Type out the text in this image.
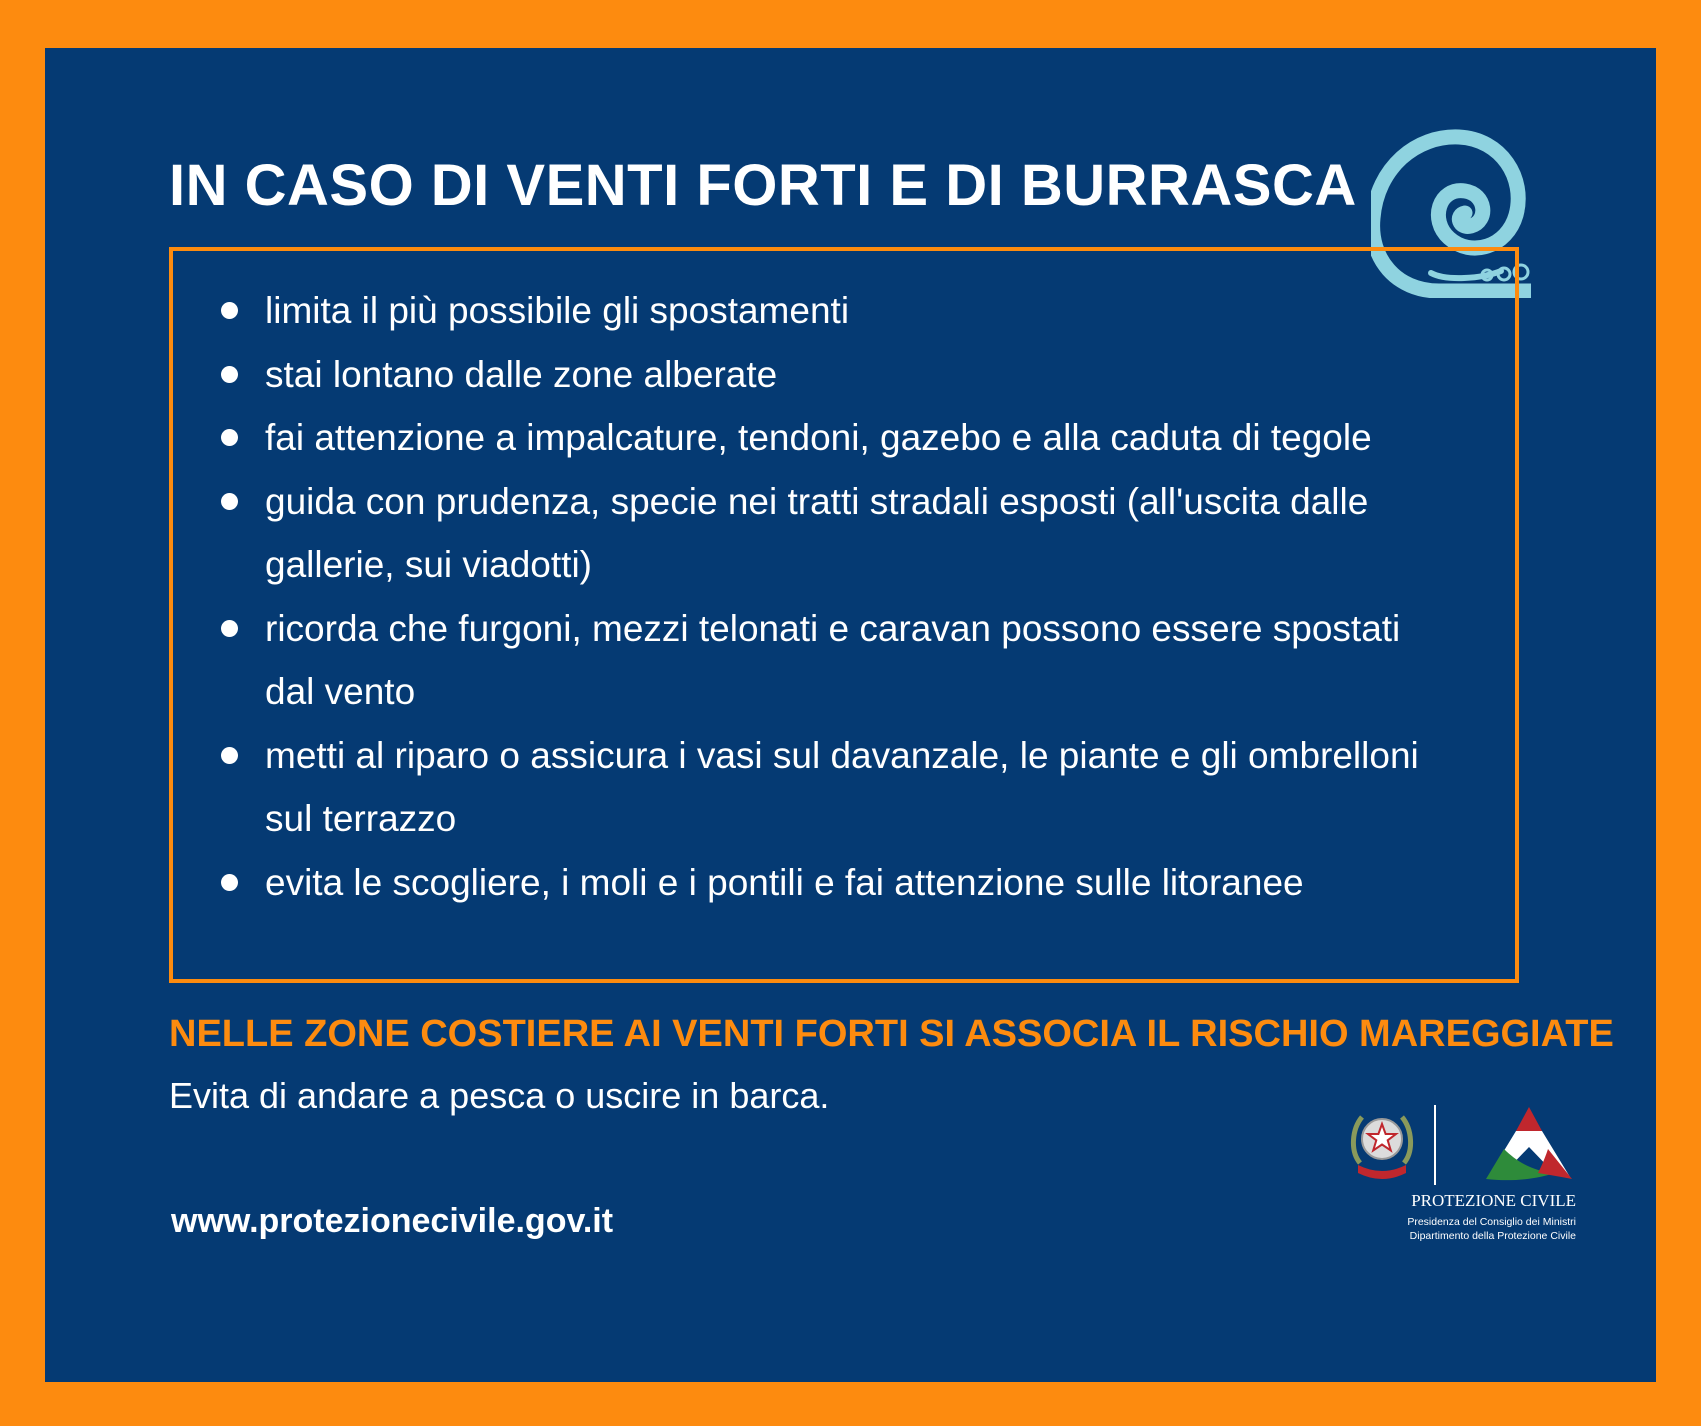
IN CASO DI VENTI FORTI E DI BURRASCA
limita il più possibile gli spostamenti
stai lontano dalle zone alberate
fai attenzione a impalcature, tendoni, gazebo e alla caduta di tegole
guida con prudenza, specie nei tratti stradali esposti (all'uscita dalle gallerie, sui viadotti)
ricorda che furgoni, mezzi telonati e caravan possono essere spostati dal vento
metti al riparo o assicura i vasi sul davanzale, le piante e gli ombrelloni sul terrazzo
evita le scogliere, i moli e i pontili e fai attenzione sulle litoranee
NELLE ZONE COSTIERE AI VENTI FORTI SI ASSOCIA IL RISCHIO MAREGGIATE

Evita di andare a pesca o uscire in barca.

www.protezionecivile.gov.it
PROTEZIONE CIVILE
Presidenza del Consiglio dei Ministri
Dipartimento della Protezione Civile
